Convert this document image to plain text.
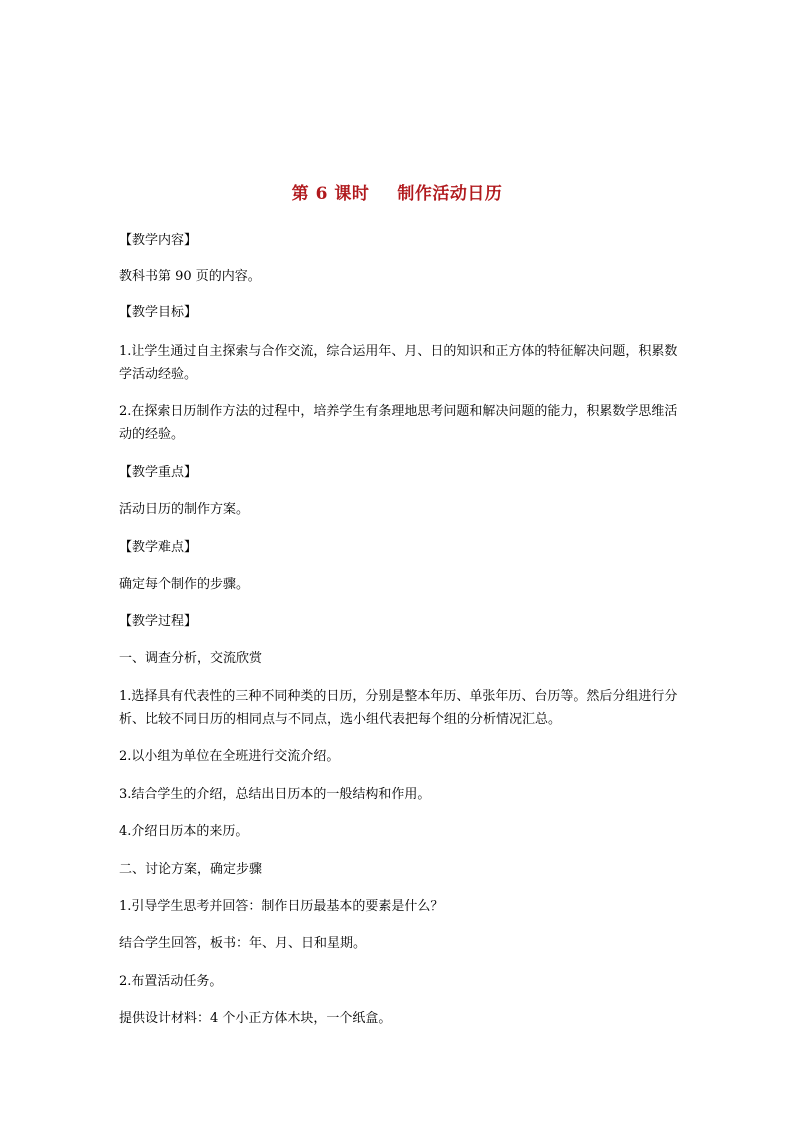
第 6 课时 制作活动日历
【教学内容】
教科书第 90 页的内容。
【教学目标】
1.让学生通过自主探索与合作交流，综合运用年、月、日的知识和正方体的特征解决问题，积累数学活动经验。
2.在探索日历制作方法的过程中，培养学生有条理地思考问题和解决问题的能力，积累数学思维活动的经验。
【教学重点】
活动日历的制作方案。
【教学难点】
确定每个制作的步骤。
【教学过程】
一、调查分析，交流欣赏
1.选择具有代表性的三种不同种类的日历，分别是整本年历、单张年历、台历等。然后分组进行分析、比较不同日历的相同点与不同点，选小组代表把每个组的分析情况汇总。
2.以小组为单位在全班进行交流介绍。
3.结合学生的介绍，总结出日历本的一般结构和作用。
4.介绍日历本的来历。
二、讨论方案，确定步骤
1.引导学生思考并回答：制作日历最基本的要素是什么？
结合学生回答，板书：年、月、日和星期。
2.布置活动任务。
提供设计材料：4 个小正方体木块，一个纸盒。
